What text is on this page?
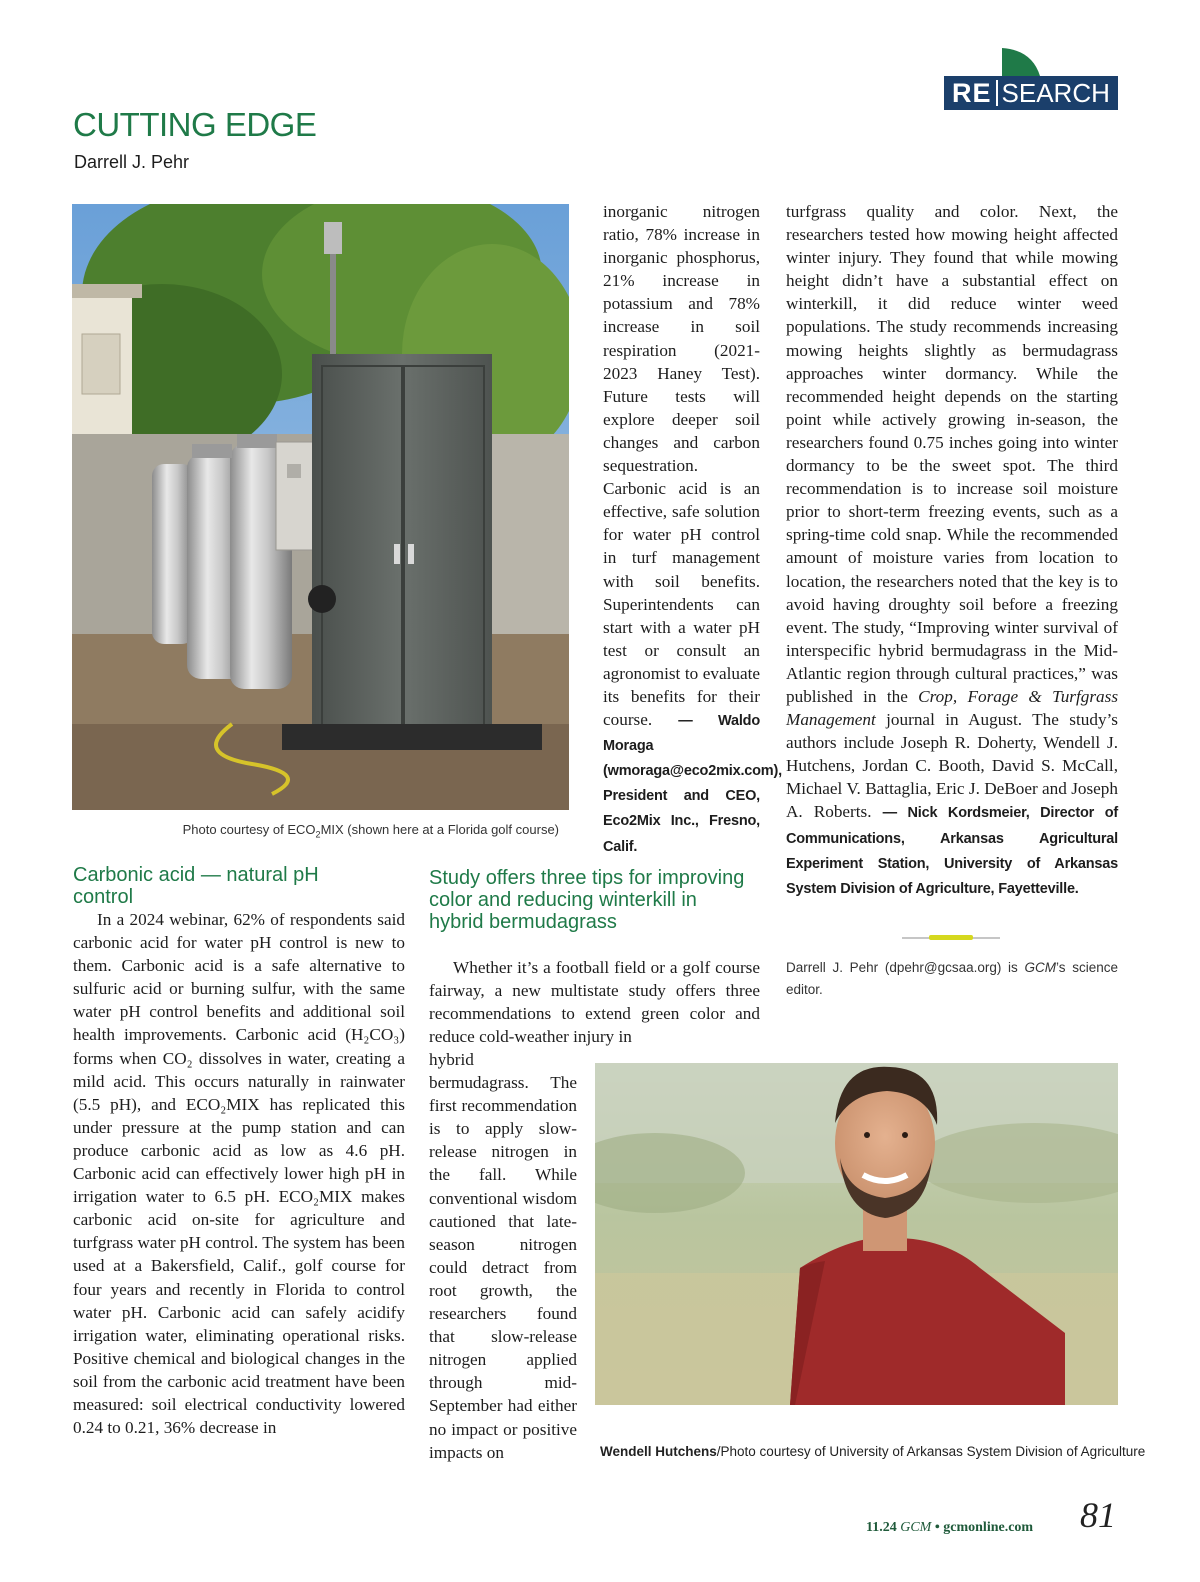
RE SEARCH
CUTTING EDGE
Darrell J. Pehr
Photo courtesy of $ECO_2MIX$ (shown here at a Florida golf course)

inorganic nitrogen ratio, 78% increase in inorganic phosphorus, 21% increase in potassium and 78% increase in soil respiration (2021-2023 Haney Test). Future tests will explore deeper soil changes and carbon sequestration. Carbonic acid is an effective, safe solution for water pH control in turf management with soil benefits. Superintendents can start with a water pH test or consult an agronomist to evaluate its benefits for their course. — Waldo Moraga (wmoraga@eco2mix.com), President and CEO, Eco2Mix Inc., Fresno, Calif.

turfgrass quality and color. Next, the researchers tested how mowing height affected winter injury. They found that while mowing height didn’t have a substantial effect on winterkill, it did reduce winter weed populations. The study recommends increasing mowing heights slightly as bermudagrass approaches winter dormancy. While the recommended height depends on the starting point while actively growing in-season, the researchers found 0.75 inches going into winter dormancy to be the sweet spot. The third recommendation is to increase soil moisture prior to short-term freezing events, such as a spring-time cold snap. While the recommended amount of moisture varies from location to location, the researchers noted that the key is to avoid having droughty soil before a freezing event. The study, “Improving winter survival of interspecific hybrid bermudagrass in the Mid-Atlantic region through cultural practices,” was published in the Crop, Forage & Turfgrass Management journal in August. The study’s authors include Joseph R. Doherty, Wendell J. Hutchens, Jordan C. Booth, David S. McCall, Michael V. Battaglia, Eric J. DeBoer and Joseph A. Roberts. — Nick Kordsmeier, Director of Communications, Arkansas Agricultural Experiment Station, University of Arkansas System Division of Agriculture, Fayetteville.

Carbonic acid — natural pH control
Study offers three tips for improving color and reducing winterkill in hybrid bermudagrass

In a 2024 webinar, 62% of respondents said carbonic acid for water pH control is new to them. Carbonic acid is a safe alternative to sulfuric acid or burning sulfur, with the same water pH control benefits and additional soil health improvements. Carbonic acid (H₂CO₃) forms when CO₂ dissolves in water, creating a mild acid. This occurs naturally in rainwater (5.5 pH), and ECO₂MIX has replicated this under pressure at the pump station and can produce carbonic acid as low as 4.6 pH. Carbonic acid can effectively lower high pH in irrigation water to 6.5 pH. ECO₂MIX makes carbonic acid on-site for agriculture and turfgrass water pH control. The system has been used at a Bakersfield, Calif., golf course for four years and recently in Florida to control water pH. Carbonic acid can safely acidify irrigation water, eliminating operational risks. Positive chemical and biological changes in the soil from the carbonic acid treatment have been measured: soil electrical conductivity lowered 0.24 to 0.21, 36% decrease in

Whether it’s a football field or a golf course fairway, a new multistate study offers three recommendations to extend green color and reduce cold-weather injury in

hybrid bermudagrass. The first recommendation is to apply slow-release nitrogen in the fall. While conventional wisdom cautioned that late-season nitrogen could detract from root growth, the researchers found that slow-release nitrogen applied through mid-September had either no impact or positive impacts on

Darrell J. Pehr (dpehr@gcsaa.org) is GCM’s science editor.
Wendell Hutchens/Photo courtesy of University of Arkansas System Division of Agriculture
11.24 GCM • gcmonline.com 81
